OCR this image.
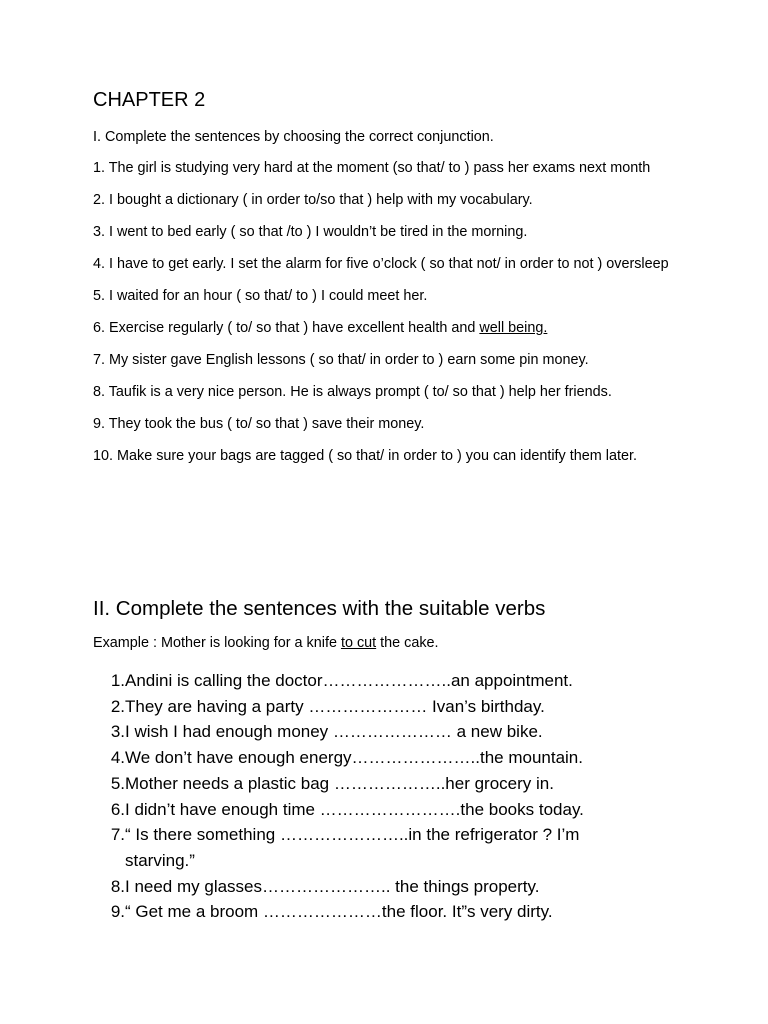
CHAPTER 2

I. Complete the sentences by choosing the correct conjunction.

1. The girl is studying very hard at the moment (so that/ to ) pass her exams next month

2. I bought a dictionary ( in order to/so that ) help with my vocabulary.

3. I went to bed early ( so that /to ) I wouldn’t be tired in the morning.

4. I have to get early. I set the alarm for five o’clock ( so that not/ in order to not ) oversleep

5. I waited for an hour ( so that/ to ) I could meet her.

6. Exercise regularly ( to/ so that ) have excellent health and well being.

7. My sister gave English lessons ( so that/ in order to ) earn some pin money.

8. Taufik is a very nice person. He is always prompt ( to/ so that ) help her friends.

9. They took the bus ( to/ so that ) save their money.

10. Make sure your bags are tagged ( so that/ in order to ) you can identify them later.

II. Complete the sentences with the suitable verbs

Example : Mother is looking for a knife to cut the cake.

1. Andini is calling the doctor…………………..an appointment.
2. They are having a party ………………… Ivan’s birthday.
3. I wish I had enough money ………………… a new bike.
4. We don’t have enough energy…………………..the mountain.
5. Mother needs a plastic bag ………………..her grocery in.
6. I didn’t have enough time …………………….the books today.
7. “ Is there something …………………..in the refrigerator ? I’m starving.”
8. I need my glasses………………….. the things property.
9. “ Get me a broom …………………the floor. It”s very dirty.
